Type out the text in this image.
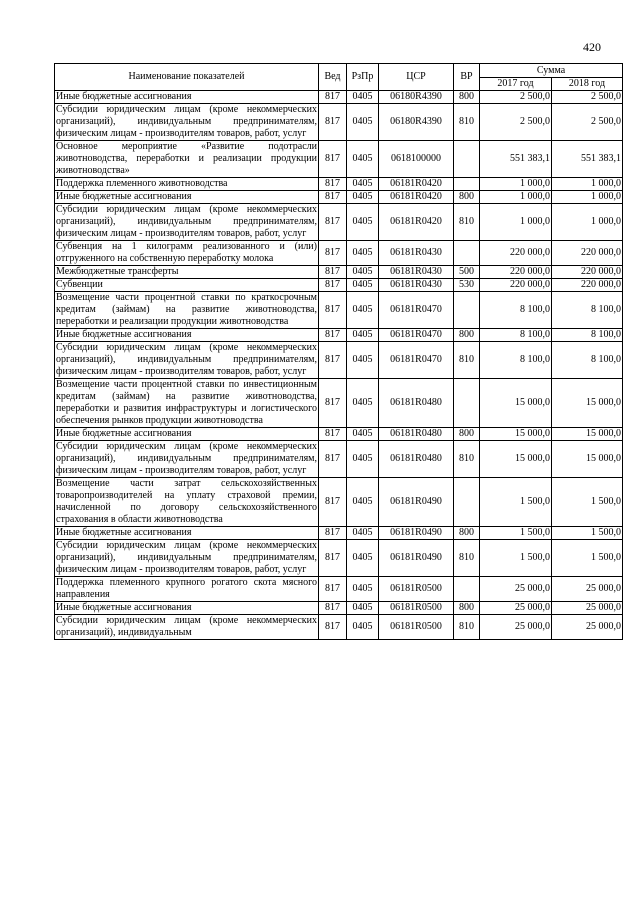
420
Наименование показателей	Вед	РзПр	ЦСР	ВР	Сумма	
					2017 год	2018 год
Иные бюджетные ассигнования	817	0405	06180R4390	800	2 500,0	2 500,0
Субсидии юридическим лицам (кроме некоммерческих организаций), индивидуальным предпринимателям, физическим лицам - производителям товаров, работ, услуг	817	0405	06180R4390	810	2 500,0	2 500,0
Основное мероприятие «Развитие подотрасли животноводства, переработки и реализации продукции животноводства»	817	0405	0618100000		551 383,1	551 383,1
Поддержка племенного животноводства	817	0405	06181R0420		1 000,0	1 000,0
Иные бюджетные ассигнования	817	0405	06181R0420	800	1 000,0	1 000,0
Субсидии юридическим лицам (кроме некоммерческих организаций), индивидуальным предпринимателям, физическим лицам - производителям товаров, работ, услуг	817	0405	06181R0420	810	1 000,0	1 000,0
Субвенция на 1 килограмм реализованного и (или) отгруженного на собственную переработку молока	817	0405	06181R0430		220 000,0	220 000,0
Межбюджетные трансферты	817	0405	06181R0430	500	220 000,0	220 000,0
Субвенции	817	0405	06181R0430	530	220 000,0	220 000,0
Возмещение части процентной ставки по краткосрочным кредитам (займам) на развитие животноводства, переработки и реализации продукции животноводства	817	0405	06181R0470		8 100,0	8 100,0
Иные бюджетные ассигнования	817	0405	06181R0470	800	8 100,0	8 100,0
Субсидии юридическим лицам (кроме некоммерческих организаций), индивидуальным предпринимателям, физическим лицам - производителям товаров, работ, услуг	817	0405	06181R0470	810	8 100,0	8 100,0
Возмещение части процентной ставки по инвестиционным кредитам (займам) на развитие животноводства, переработки и развития инфраструктуры и логистического обеспечения рынков продукции животноводства	817	0405	06181R0480		15 000,0	15 000,0
Иные бюджетные ассигнования	817	0405	06181R0480	800	15 000,0	15 000,0
Субсидии юридическим лицам (кроме некоммерческих организаций), индивидуальным предпринимателям, физическим лицам - производителям товаров, работ, услуг	817	0405	06181R0480	810	15 000,0	15 000,0
Возмещение части затрат сельскохозяйственных товаропроизводителей на уплату страховой премии, начисленной по договору сельскохозяйственного страхования в области животноводства	817	0405	06181R0490		1 500,0	1 500,0
Иные бюджетные ассигнования	817	0405	06181R0490	800	1 500,0	1 500,0
Субсидии юридическим лицам (кроме некоммерческих организаций), индивидуальным предпринимателям, физическим лицам - производителям товаров, работ, услуг	817	0405	06181R0490	810	1 500,0	1 500,0
Поддержка племенного крупного рогатого скота мясного направления	817	0405	06181R0500		25 000,0	25 000,0
Иные бюджетные ассигнования	817	0405	06181R0500	800	25 000,0	25 000,0
Субсидии юридическим лицам (кроме некоммерческих организаций), индивидуальным	817	0405	06181R0500	810	25 000,0	25 000,0
